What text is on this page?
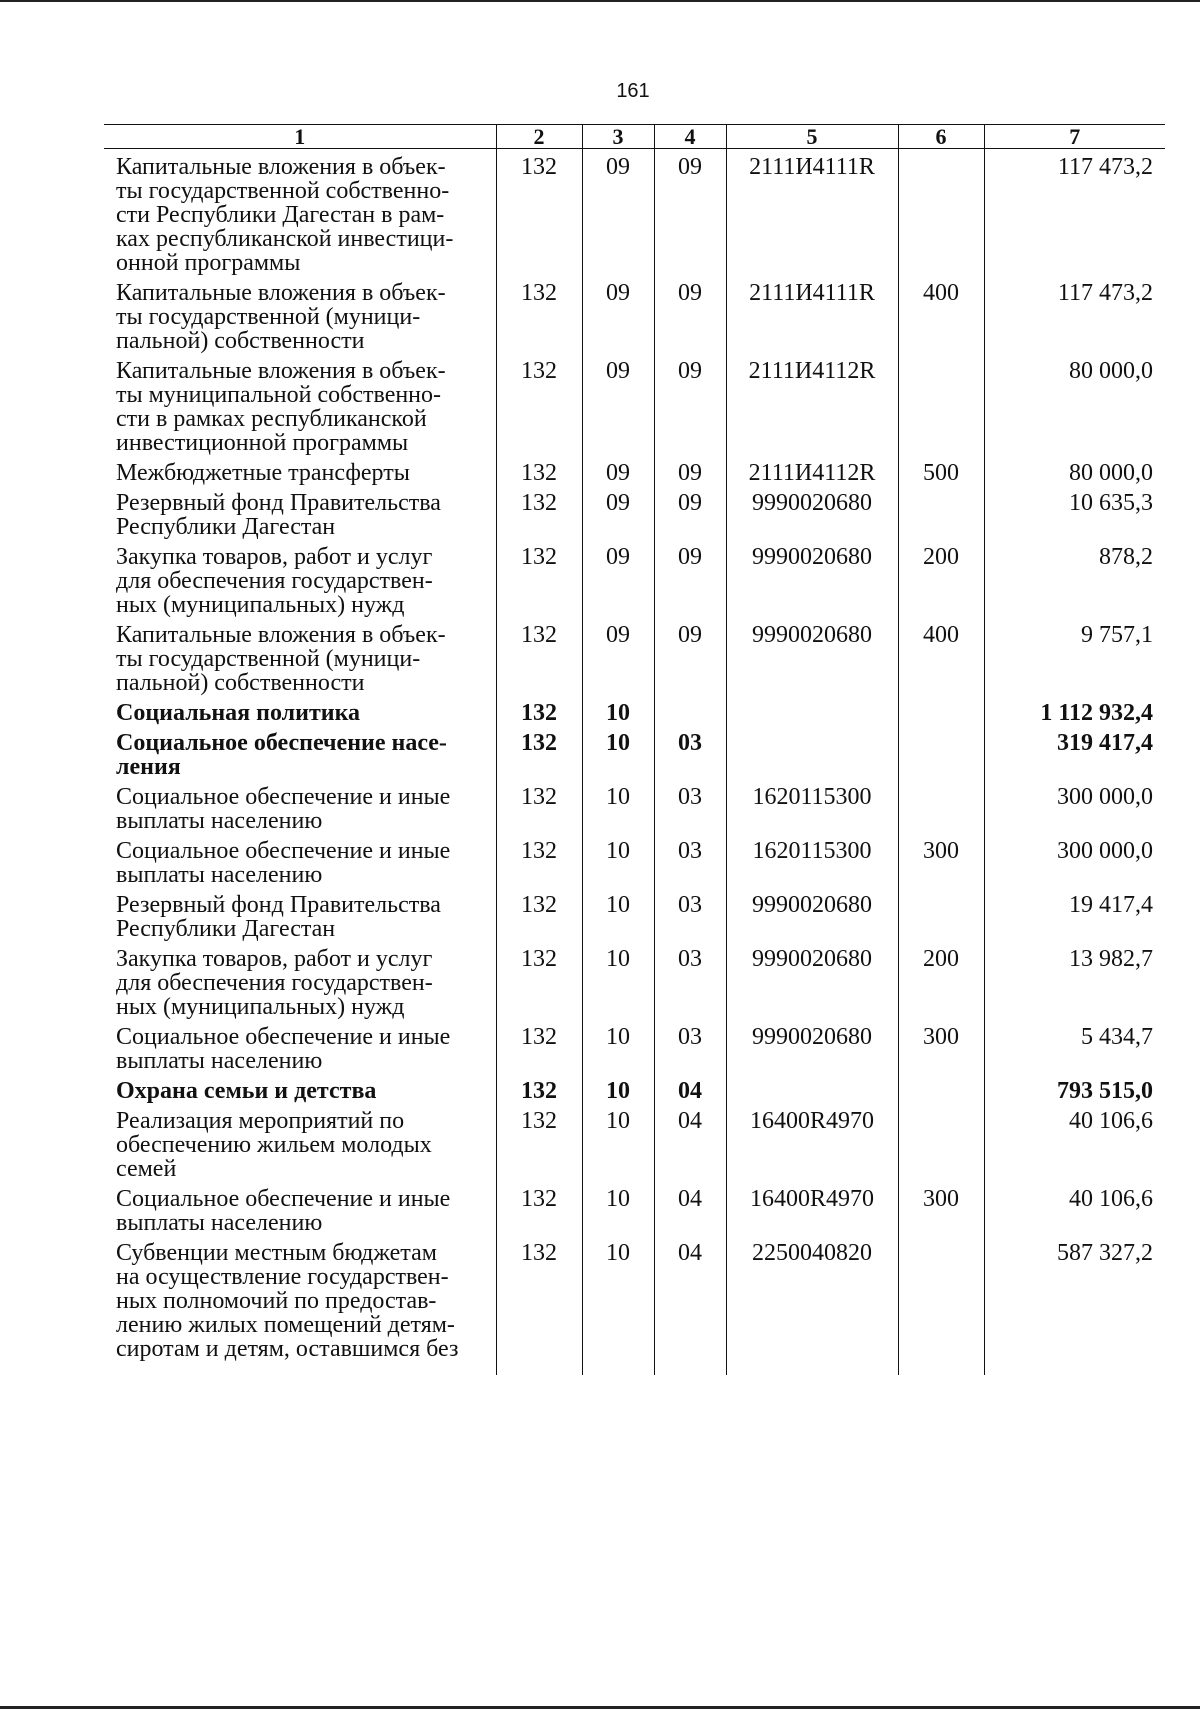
161
1	2	3	4	5	6	7
Капитальные вложения в объек-
ты государственной собственно-
сти Республики Дагестан в рам-
ках республиканской инвестици-
онной программы	132	09	09	2111И4111R		117 473,2
Капитальные вложения в объек-
ты государственной (муници-
пальной) собственности	132	09	09	2111И4111R	400	117 473,2
Капитальные вложения в объек-
ты муниципальной собственно-
сти в рамках республиканской
инвестиционной программы	132	09	09	2111И4112R		80 000,0
Межбюджетные трансферты	132	09	09	2111И4112R	500	80 000,0
Резервный фонд Правительства
Республики Дагестан	132	09	09	9990020680		10 635,3
Закупка товаров, работ и услуг
для обеспечения государствен-
ных (муниципальных) нужд	132	09	09	9990020680	200	878,2
Капитальные вложения в объек-
ты государственной (муници-
пальной) собственности	132	09	09	9990020680	400	9 757,1
Социальная политика	132	10				1 112 932,4
Социальное обеспечение насе-
ления	132	10	03			319 417,4
Социальное обеспечение и иные
выплаты населению	132	10	03	1620115300		300 000,0
Социальное обеспечение и иные
выплаты населению	132	10	03	1620115300	300	300 000,0
Резервный фонд Правительства
Республики Дагестан	132	10	03	9990020680		19 417,4
Закупка товаров, работ и услуг
для обеспечения государствен-
ных (муниципальных) нужд	132	10	03	9990020680	200	13 982,7
Социальное обеспечение и иные
выплаты населению	132	10	03	9990020680	300	5 434,7
Охрана семьи и детства	132	10	04			793 515,0
Реализация мероприятий по
обеспечению жильем молодых
семей	132	10	04	16400R4970		40 106,6
Социальное обеспечение и иные
выплаты населению	132	10	04	16400R4970	300	40 106,6
Субвенции местным бюджетам
на осуществление государствен-
ных полномочий по предостав-
лению жилых помещений детям-
сиротам и детям, оставшимся без	132	10	04	2250040820		587 327,2
